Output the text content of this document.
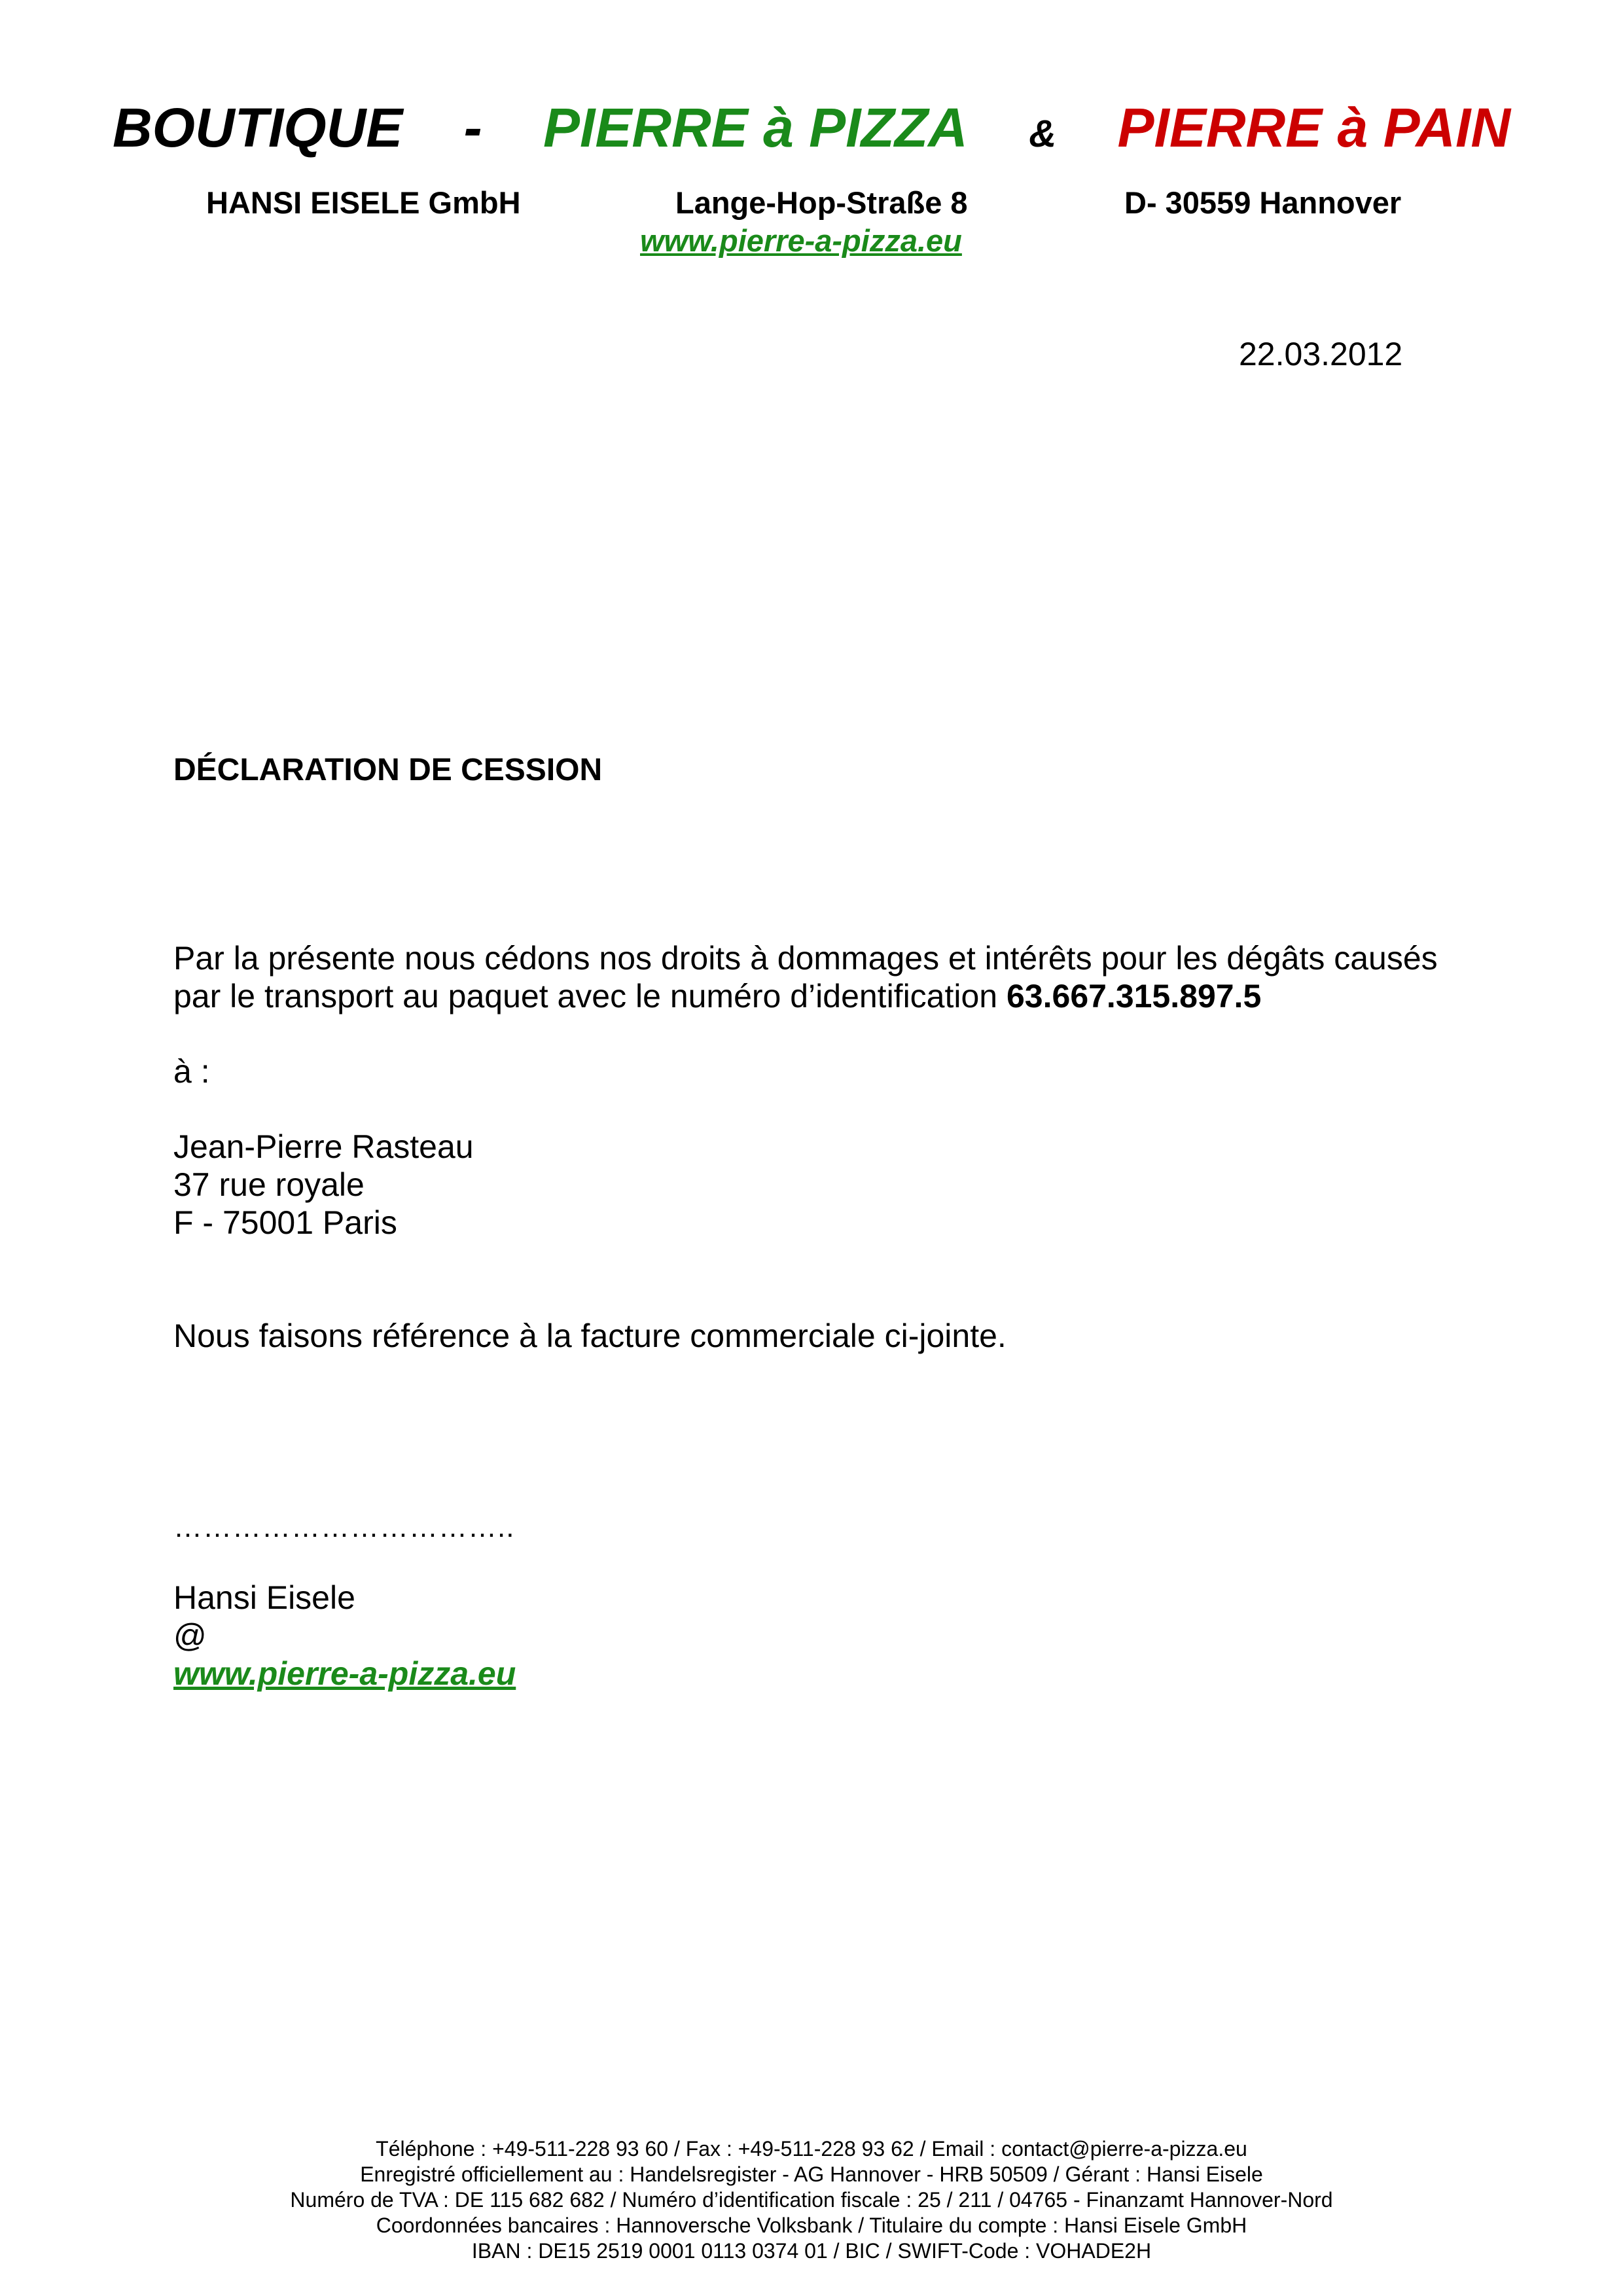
BOUTIQUE - PIERRE à PIZZA & PIERRE à PAIN
HANSI EISELE GmbH	Lange-Hop-Straße 8	D- 30559 Hannover
www.pierre-a-pizza.eu
22.03.2012
DÉCLARATION DE CESSION
Par la présente nous cédons nos droits à dommages et intérêts pour les dégâts causés
par le transport au paquet avec le numéro d’identification 63.667.315.897.5
à :
Jean-Pierre Rasteau
37 rue royale
F - 75001 Paris
Nous faisons référence à la facture commerciale ci-jointe.
……………………………..
Hansi Eisele
@
www.pierre-a-pizza.eu
Téléphone : +49-511-228 93 60 / Fax : +49-511-228 93 62 / Email : contact@pierre-a-pizza.eu
Enregistré officiellement au : Handelsregister - AG Hannover - HRB 50509 / Gérant : Hansi Eisele
Numéro de TVA : DE 115 682 682 / Numéro d’identification fiscale : 25 / 211 / 04765 - Finanzamt Hannover-Nord
Coordonnées bancaires : Hannoversche Volksbank / Titulaire du compte : Hansi Eisele GmbH
IBAN : DE15 2519 0001 0113 0374 01 / BIC / SWIFT-Code : VOHADE2H
